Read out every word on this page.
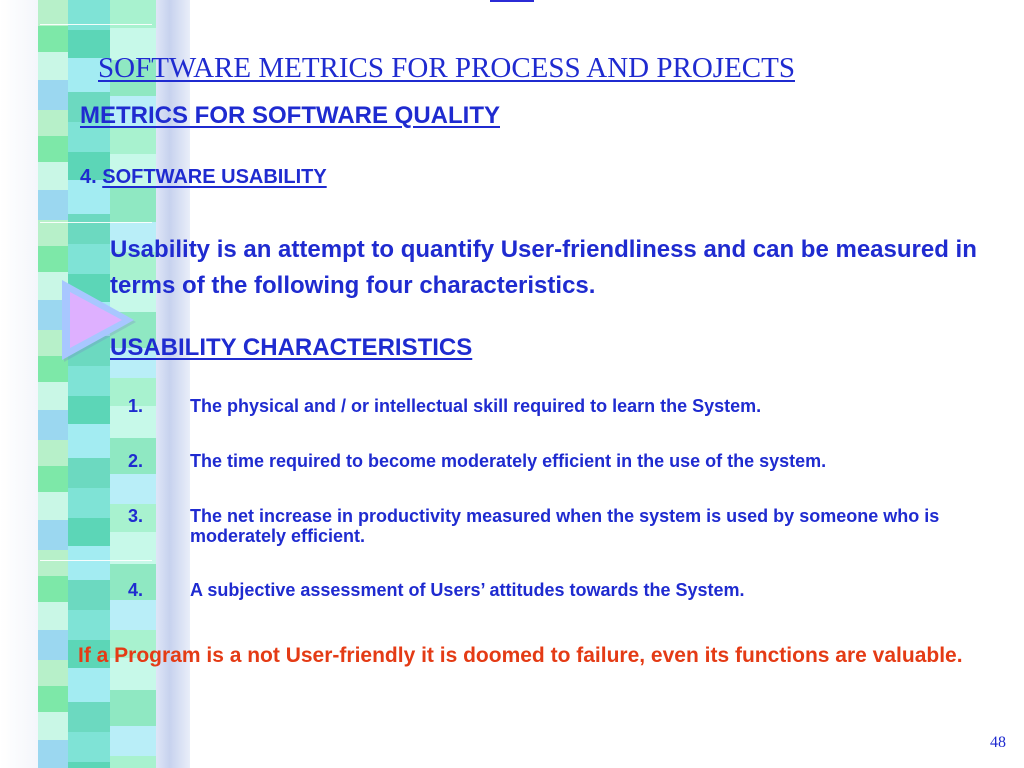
SOFTWARE METRICS FOR PROCESS AND PROJECTS
METRICS FOR SOFTWARE QUALITY
4. SOFTWARE USABILITY
Usability is an attempt to quantify User-friendliness and can be measured in terms of the following four characteristics.
USABILITY CHARACTERISTICS
1.	The physical and / or intellectual skill required to learn the System.
2.	The time required to become moderately efficient in the use of the system.
3.	The net increase in productivity measured when the system is used by someone who is moderately efficient.
4.	A subjective assessment of Users’ attitudes towards the System.
If a Program is a not User-friendly it is doomed to failure, even its functions are valuable.
48
